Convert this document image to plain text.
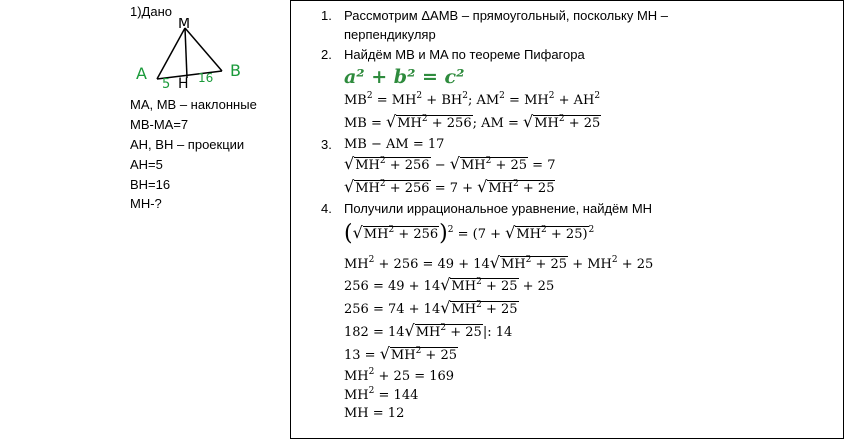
1)Дано
M
A	B
5 H 16
MA, MB – наклонные
MB-MA=7
AH, BH – проекции
AH=5
BH=16
MH-?
1. Рассмотрим ΔAMB – прямоугольный, поскольку MH –
перпендикуляр
2. Найдём MB и MA по теореме Пифагора
a² + b² = c²
$MB^2 = MH^2 + BH^2$; $AM^2 = MH^2 + AH^2$
MB = $√MH^2 + 256$; AM = $√MH^2 + 25$
3. MB − AM = 17
$√MH^2 + 256 - √MH^2 + 25 = 7$
$√MH^2 + 256 = 7 + √MH^2 + 25$
4. Получили иррациональное уравнение, найдём MH
$(√MH^2 + 256)^2 = (7 + √MH^2 + 25)^2$
$MH^2 + 256 = 49 + 14√MH^2 + 25 + MH^2 + 25$
$256 = 49 + 14√MH^2 + 25 + 25$
$256 = 74 + 14√MH^2 + 25$
$182 = 14√MH^2 + 25|$: 14
$13 = √MH^2 + 25$
$MH^2 + 25 = 169$
$MH^2 = 144$
MH = 12
